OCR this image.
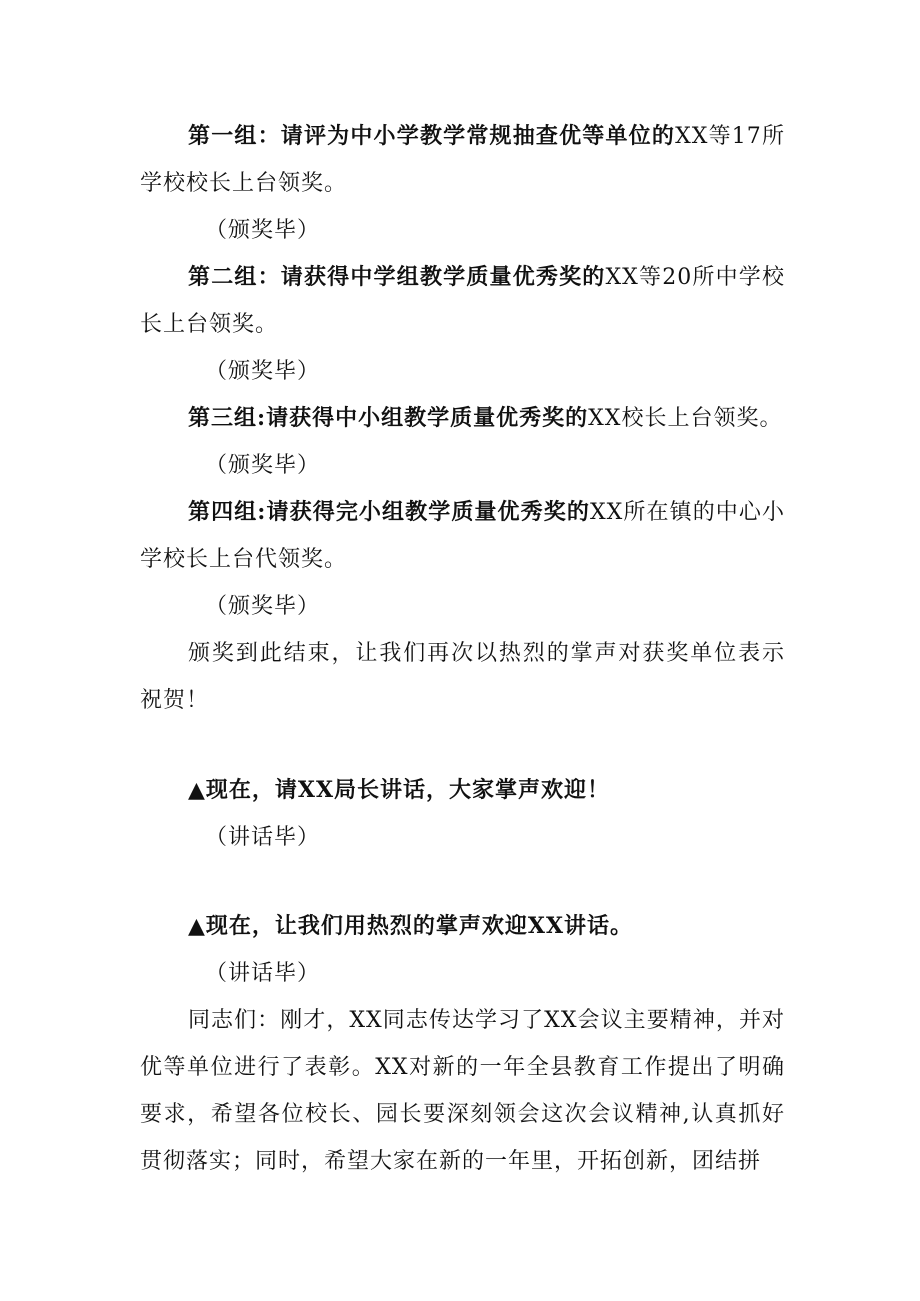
第一组：请评为中小学教学常规抽查优等单位的XX等17所学校校长上台领奖。

（颁奖毕）

第二组：请获得中学组教学质量优秀奖的XX等20所中学校长上台领奖。

（颁奖毕）

第三组:请获得中小组教学质量优秀奖的XX校长上台领奖。

（颁奖毕）

第四组:请获得完小组教学质量优秀奖的XX所在镇的中心小学校长上台代领奖。

（颁奖毕）

颁奖到此结束，让我们再次以热烈的掌声对获奖单位表示祝贺！

▲现在，请XX局长讲话，大家掌声欢迎！

（讲话毕）

▲现在，让我们用热烈的掌声欢迎XX讲话。

（讲话毕）

同志们：刚才，XX同志传达学习了XX会议主要精神，并对优等单位进行了表彰。XX对新的一年全县教育工作提出了明确要求，希望各位校长、园长要深刻领会这次会议精神,认真抓好贯彻落实；同时，希望大家在新的一年里，开拓创新，团结拼
